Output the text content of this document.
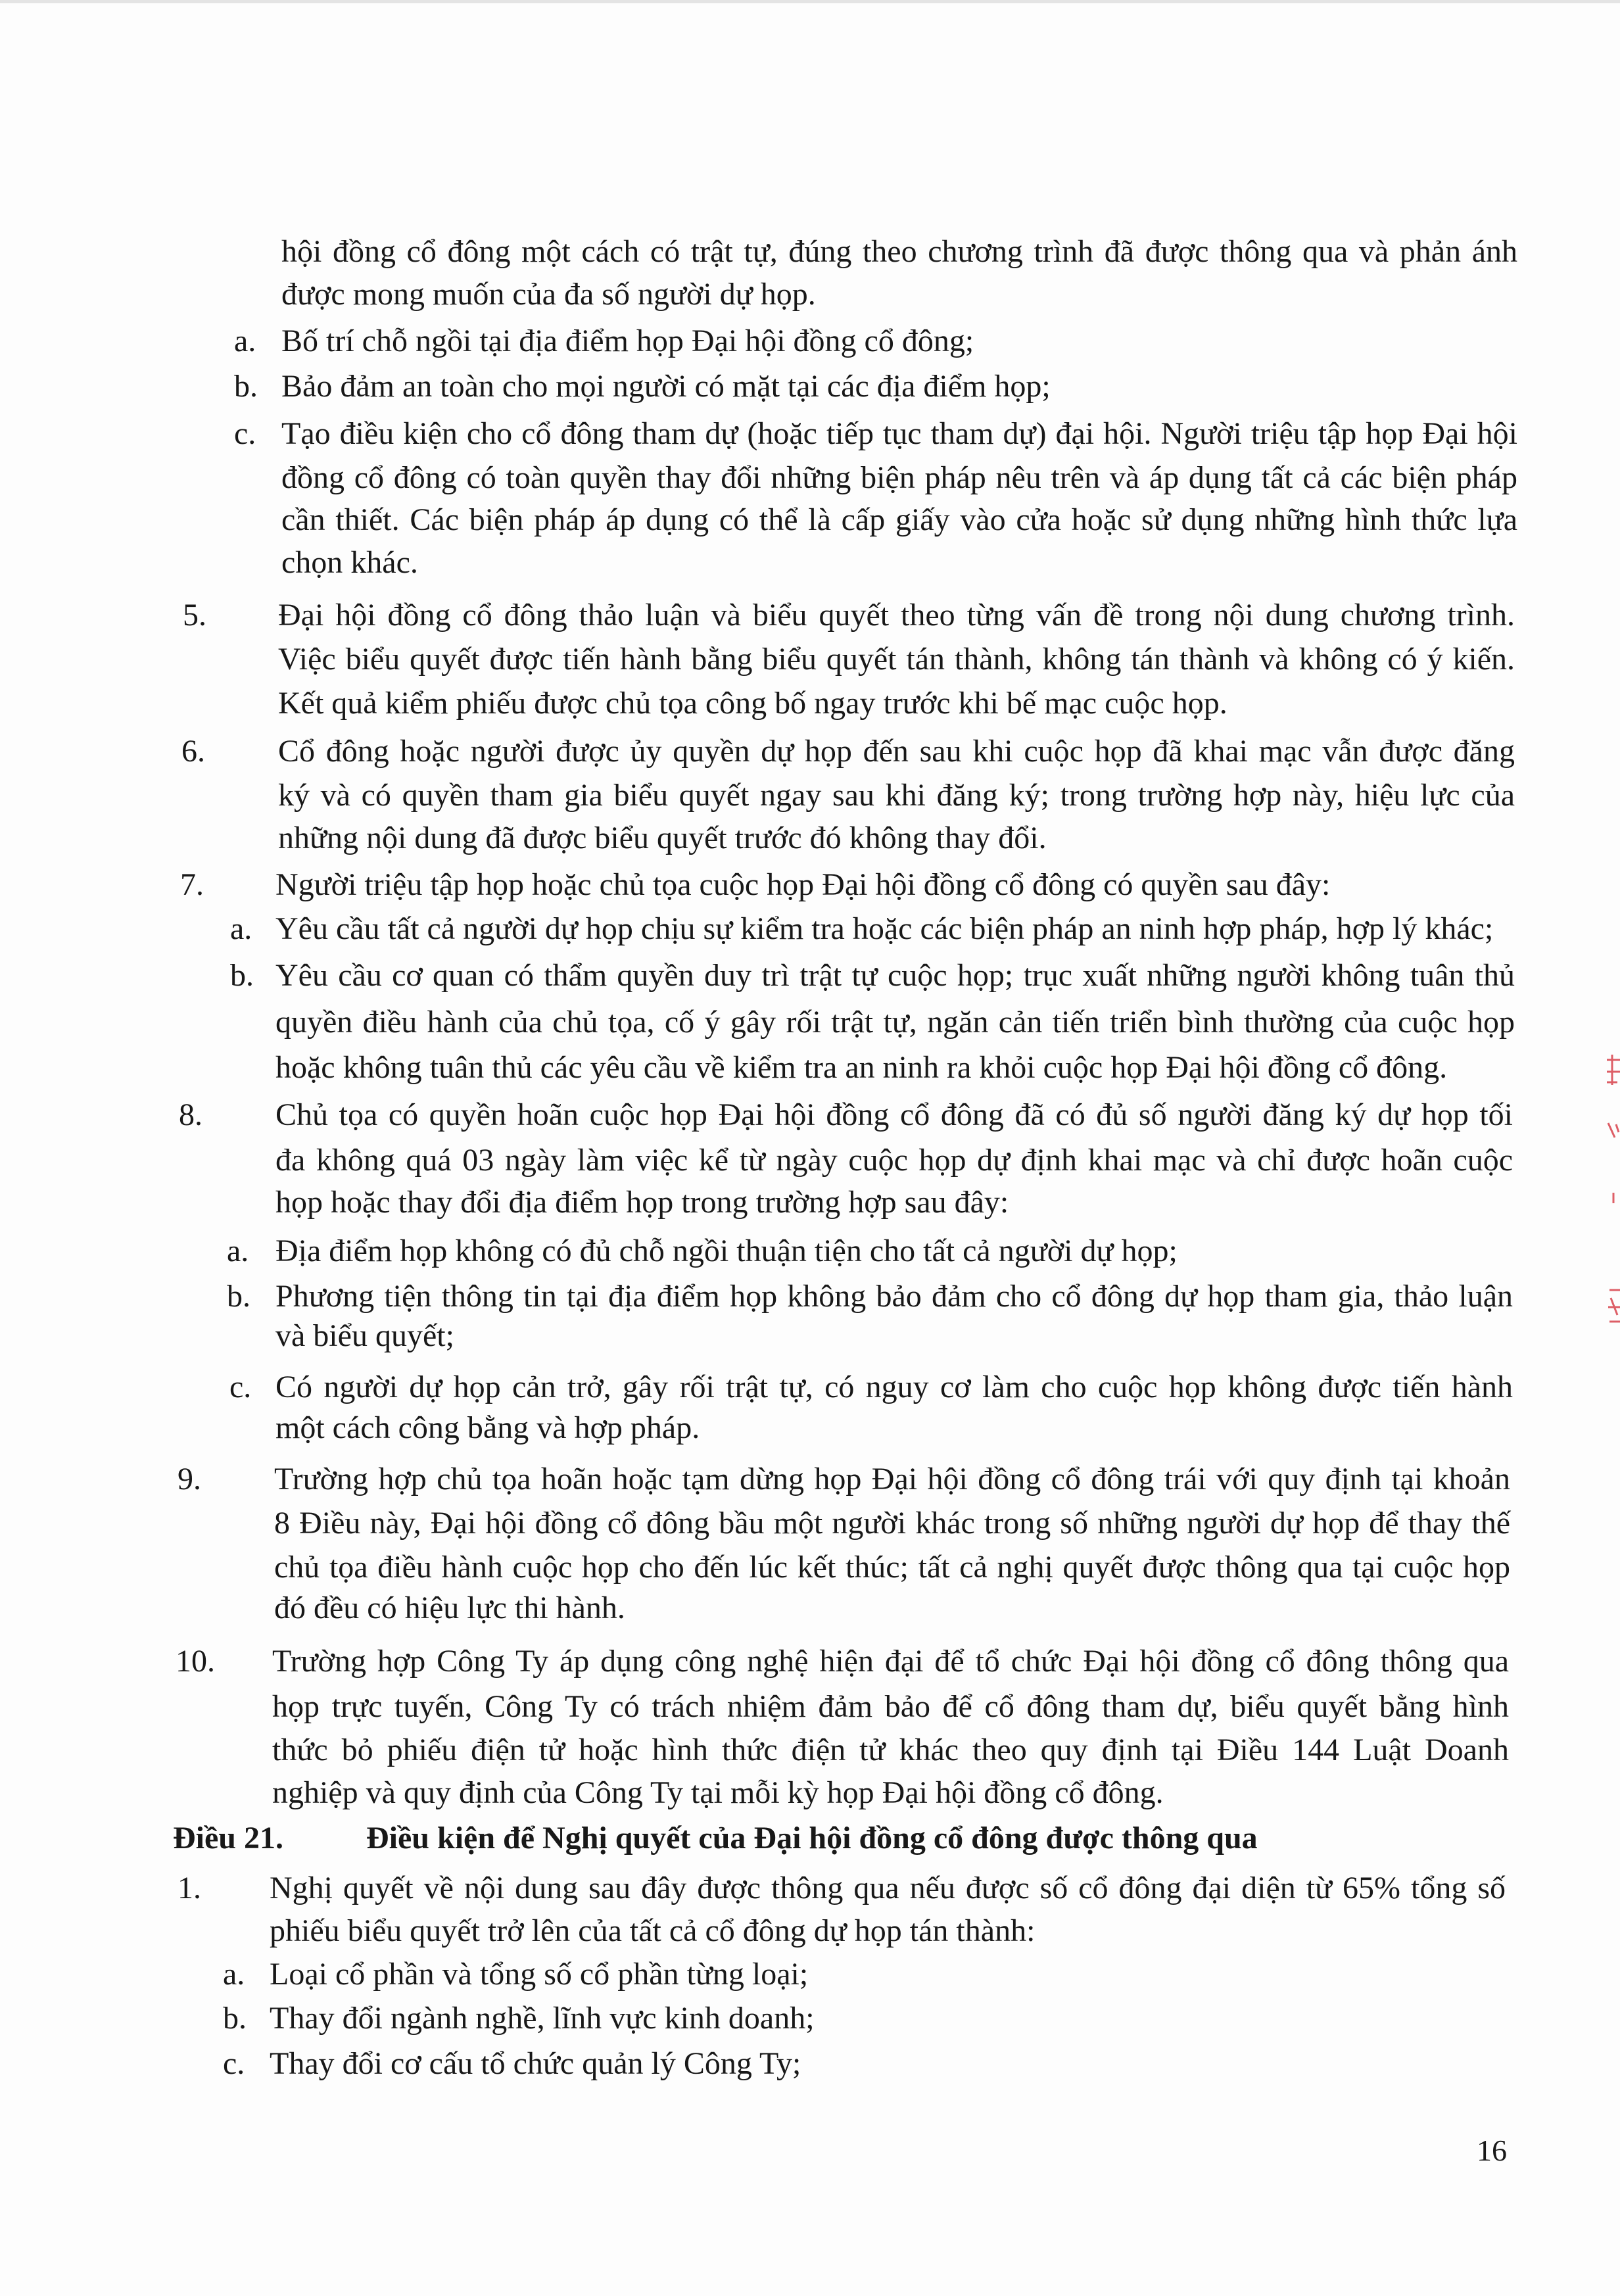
hội đồng cổ đông một cách có trật tự, đúng theo chương trình đã được thông qua và phản ánh
được mong muốn của đa số người dự họp.
a. Bố trí chỗ ngồi tại địa điểm họp Đại hội đồng cổ đông;
b. Bảo đảm an toàn cho mọi người có mặt tại các địa điểm họp;
c. Tạo điều kiện cho cổ đông tham dự (hoặc tiếp tục tham dự) đại hội. Người triệu tập họp Đại hội
đồng cổ đông có toàn quyền thay đổi những biện pháp nêu trên và áp dụng tất cả các biện pháp
cần thiết. Các biện pháp áp dụng có thể là cấp giấy vào cửa hoặc sử dụng những hình thức lựa
chọn khác.
5. Đại hội đồng cổ đông thảo luận và biểu quyết theo từng vấn đề trong nội dung chương trình.
Việc biểu quyết được tiến hành bằng biểu quyết tán thành, không tán thành và không có ý kiến.
Kết quả kiểm phiếu được chủ tọa công bố ngay trước khi bế mạc cuộc họp.
6. Cổ đông hoặc người được ủy quyền dự họp đến sau khi cuộc họp đã khai mạc vẫn được đăng
ký và có quyền tham gia biểu quyết ngay sau khi đăng ký; trong trường hợp này, hiệu lực của
những nội dung đã được biểu quyết trước đó không thay đổi.
7. Người triệu tập họp hoặc chủ tọa cuộc họp Đại hội đồng cổ đông có quyền sau đây:
a. Yêu cầu tất cả người dự họp chịu sự kiểm tra hoặc các biện pháp an ninh hợp pháp, hợp lý khác;
b. Yêu cầu cơ quan có thẩm quyền duy trì trật tự cuộc họp; trục xuất những người không tuân thủ
quyền điều hành của chủ tọa, cố ý gây rối trật tự, ngăn cản tiến triển bình thường của cuộc họp
hoặc không tuân thủ các yêu cầu về kiểm tra an ninh ra khỏi cuộc họp Đại hội đồng cổ đông.
8. Chủ tọa có quyền hoãn cuộc họp Đại hội đồng cổ đông đã có đủ số người đăng ký dự họp tối
đa không quá 03 ngày làm việc kể từ ngày cuộc họp dự định khai mạc và chỉ được hoãn cuộc
họp hoặc thay đổi địa điểm họp trong trường hợp sau đây:
a. Địa điểm họp không có đủ chỗ ngồi thuận tiện cho tất cả người dự họp;
b. Phương tiện thông tin tại địa điểm họp không bảo đảm cho cổ đông dự họp tham gia, thảo luận
và biểu quyết;
c. Có người dự họp cản trở, gây rối trật tự, có nguy cơ làm cho cuộc họp không được tiến hành
một cách công bằng và hợp pháp.
9. Trường hợp chủ tọa hoãn hoặc tạm dừng họp Đại hội đồng cổ đông trái với quy định tại khoản
8 Điều này, Đại hội đồng cổ đông bầu một người khác trong số những người dự họp để thay thế
chủ tọa điều hành cuộc họp cho đến lúc kết thúc; tất cả nghị quyết được thông qua tại cuộc họp
đó đều có hiệu lực thi hành.
10. Trường hợp Công Ty áp dụng công nghệ hiện đại để tổ chức Đại hội đồng cổ đông thông qua
họp trực tuyến, Công Ty có trách nhiệm đảm bảo để cổ đông tham dự, biểu quyết bằng hình
thức bỏ phiếu điện tử hoặc hình thức điện tử khác theo quy định tại Điều 144 Luật Doanh
nghiệp và quy định của Công Ty tại mỗi kỳ họp Đại hội đồng cổ đông.
Điều 21.	Điều kiện để Nghị quyết của Đại hội đồng cổ đông được thông qua
1. Nghị quyết về nội dung sau đây được thông qua nếu được số cổ đông đại diện từ 65% tổng số
phiếu biểu quyết trở lên của tất cả cổ đông dự họp tán thành:
a. Loại cổ phần và tổng số cổ phần từng loại;
b. Thay đổi ngành nghề, lĩnh vực kinh doanh;
c. Thay đổi cơ cấu tổ chức quản lý Công Ty;
16
